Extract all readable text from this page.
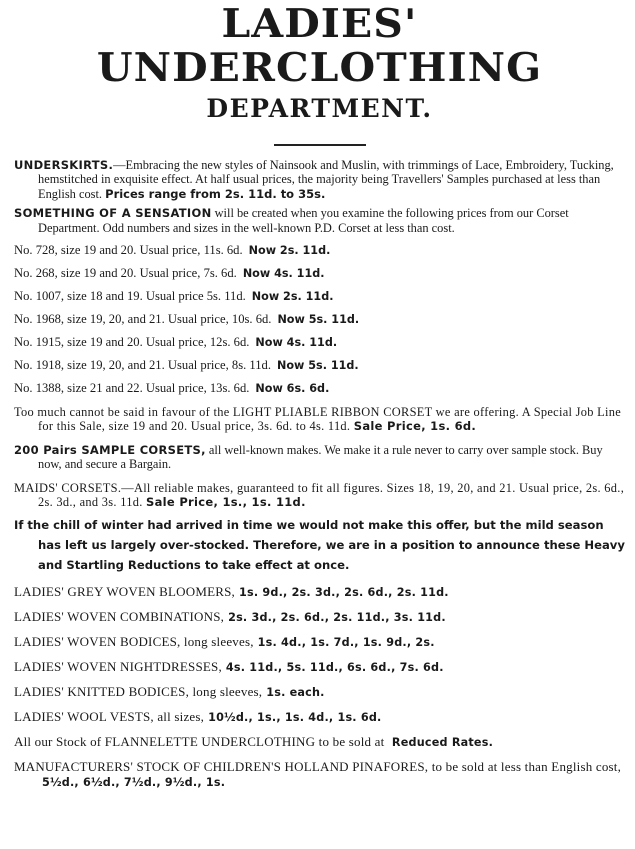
LADIES' UNDERCLOTHING
DEPARTMENT.

UNDERSKIRTS.—Embracing the new styles of Nainsook and Muslin, with trimmings of Lace, Embroidery, Tucking, hemstitched in exquisite effect. At half usual prices, the majority being Travellers' Samples purchased at less than English cost. Prices range from 2s. 11d. to 35s.

SOMETHING OF A SENSATION will be created when you examine the following prices from our Corset Department. Odd numbers and sizes in the well-known P.D. Corset at less than cost.

No. 728, size 19 and 20. Usual price, 11s. 6d. Now 2s. 11d.

No. 268, size 19 and 20. Usual price, 7s. 6d. Now 4s. 11d.

No. 1007, size 18 and 19. Usual price 5s. 11d. Now 2s. 11d.

No. 1968, size 19, 20, and 21. Usual price, 10s. 6d. Now 5s. 11d.

No. 1915, size 19 and 20. Usual price, 12s. 6d. Now 4s. 11d.

No. 1918, size 19, 20, and 21. Usual price, 8s. 11d. Now 5s. 11d.

No. 1388, size 21 and 22. Usual price, 13s. 6d. Now 6s. 6d.

Too much cannot be said in favour of the LIGHT PLIABLE RIBBON CORSET we are offering. A Special Job Line for this Sale, size 19 and 20. Usual price, 3s. 6d. to 4s. 11d. Sale Price, 1s. 6d.

200 Pairs SAMPLE CORSETS, all well-known makes. We make it a rule never to carry over sample stock. Buy now, and secure a Bargain.

MAIDS' CORSETS.—All reliable makes, guaranteed to fit all figures. Sizes 18, 19, 20, and 21. Usual price, 2s. 6d., 2s. 3d., and 3s. 11d. Sale Price, 1s., 1s. 11d.

If the chill of winter had arrived in time we would not make this offer, but the mild season has left us largely over-stocked. Therefore, we are in a position to announce these Heavy and Startling Reductions to take effect at once.

LADIES' GREY WOVEN BLOOMERS, 1s. 9d., 2s. 3d., 2s. 6d., 2s. 11d.

LADIES' WOVEN COMBINATIONS, 2s. 3d., 2s. 6d., 2s. 11d., 3s. 11d.

LADIES' WOVEN BODICES, long sleeves, 1s. 4d., 1s. 7d., 1s. 9d., 2s.

LADIES' WOVEN NIGHTDRESSES, 4s. 11d., 5s. 11d., 6s. 6d., 7s. 6d.

LADIES' KNITTED BODICES, long sleeves, 1s. each.

LADIES' WOOL VESTS, all sizes, 10½d., 1s., 1s. 4d., 1s. 6d.

All our Stock of FLANNELETTE UNDERCLOTHING to be sold at Reduced Rates.

MANUFACTURERS' STOCK OF CHILDREN'S HOLLAND PINAFORES, to be sold at less than English cost, 5½d., 6½d., 7½d., 9½d., 1s.
